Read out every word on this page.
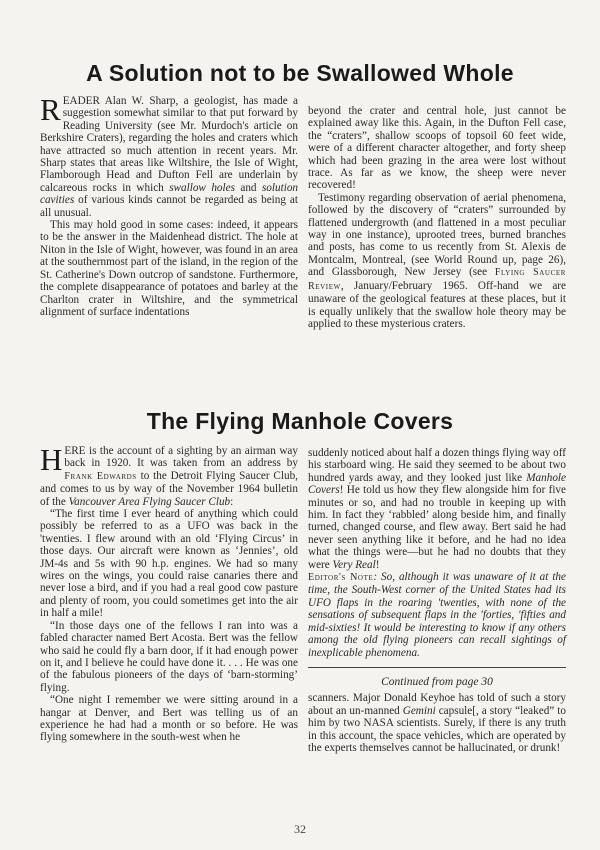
A Solution not to be Swallowed Whole

READER Alan W. Sharp, a geologist, has made a suggestion somewhat similar to that put forward by Reading University (see Mr. Murdoch's article on Berkshire Craters), regarding the holes and craters which have attracted so much attention in recent years. Mr. Sharp states that areas like Wiltshire, the Isle of Wight, Flamborough Head and Dufton Fell are underlain by calcareous rocks in which swallow holes and solution cavities of various kinds cannot be regarded as being at all unusual.

This may hold good in some cases: indeed, it appears to be the answer in the Maidenhead district. The hole at Niton in the Isle of Wight, however, was found in an area at the southernmost part of the island, in the region of the St. Catherine's Down outcrop of sandstone. Furthermore, the complete disappearance of potatoes and barley at the Charlton crater in Wiltshire, and the symmetrical alignment of surface indentations

beyond the crater and central hole, just cannot be explained away like this. Again, in the Dufton Fell case, the “craters”, shallow scoops of topsoil 60 feet wide, were of a different character altogether, and forty sheep which had been grazing in the area were lost without trace. As far as we know, the sheep were never recovered!

Testimony regarding observation of aerial phenomena, followed by the discovery of “craters” surrounded by flattened undergrowth (and flattened in a most peculiar way in one instance), uprooted trees, burned branches and posts, has come to us recently from St. Alexis de Montcalm, Montreal, (see World Round up, page 26), and Glassborough, New Jersey (see Flying Saucer Review, January/February 1965. Off-hand we are unaware of the geological features at these places, but it is equally unlikely that the swallow hole theory may be applied to these mysterious craters.

The Flying Manhole Covers

HERE is the account of a sighting by an airman way back in 1920. It was taken from an address by Frank Edwards to the Detroit Flying Saucer Club, and comes to us by way of the November 1964 bulletin of the Vancouver Area Flying Saucer Club:

“The first time I ever heard of anything which could possibly be referred to as a UFO was back in the 'twenties. I flew around with an old ‘Flying Circus’ in those days. Our aircraft were known as ‘Jennies’, old JM-4s and 5s with 90 h.p. engines. We had so many wires on the wings, you could raise canaries there and never lose a bird, and if you had a real good cow pasture and plenty of room, you could sometimes get into the air in half a mile!

“In those days one of the fellows I ran into was a fabled character named Bert Acosta. Bert was the fellow who said he could fly a barn door, if it had enough power on it, and I believe he could have done it. . . . He was one of the fabulous pioneers of the days of ‘barn-storming’ flying.

“One night I remember we were sitting around in a hangar at Denver, and Bert was telling us of an experience he had had a month or so before. He was flying somewhere in the south-west when he

suddenly noticed about half a dozen things flying way off his starboard wing. He said they seemed to be about two hundred yards away, and they looked just like Manhole Covers! He told us how they flew alongside him for five minutes or so, and had no trouble in keeping up with him. In fact they ‘rabbled’ along beside him, and finally turned, changed course, and flew away. Bert said he had never seen anything like it before, and he had no idea what the things were—but he had no doubts that they were Very Real!

Editor's Note: So, although it was unaware of it at the time, the South-West corner of the United States had its UFO flaps in the roaring 'twenties, with none of the sensations of subsequent flaps in the 'forties, 'fifties and mid-sixties! It would be interesting to know if any others among the old flying pioneers can recall sightings of inexplicable phenomena.

Continued from page 30

scanners. Major Donald Keyhoe has told of such a story about an un-manned Gemini capsule[, a story “leaked” to him by two NASA scientists. Surely, if there is any truth in this account, the space vehicles, which are operated by the experts themselves cannot be hallucinated, or drunk!

32
